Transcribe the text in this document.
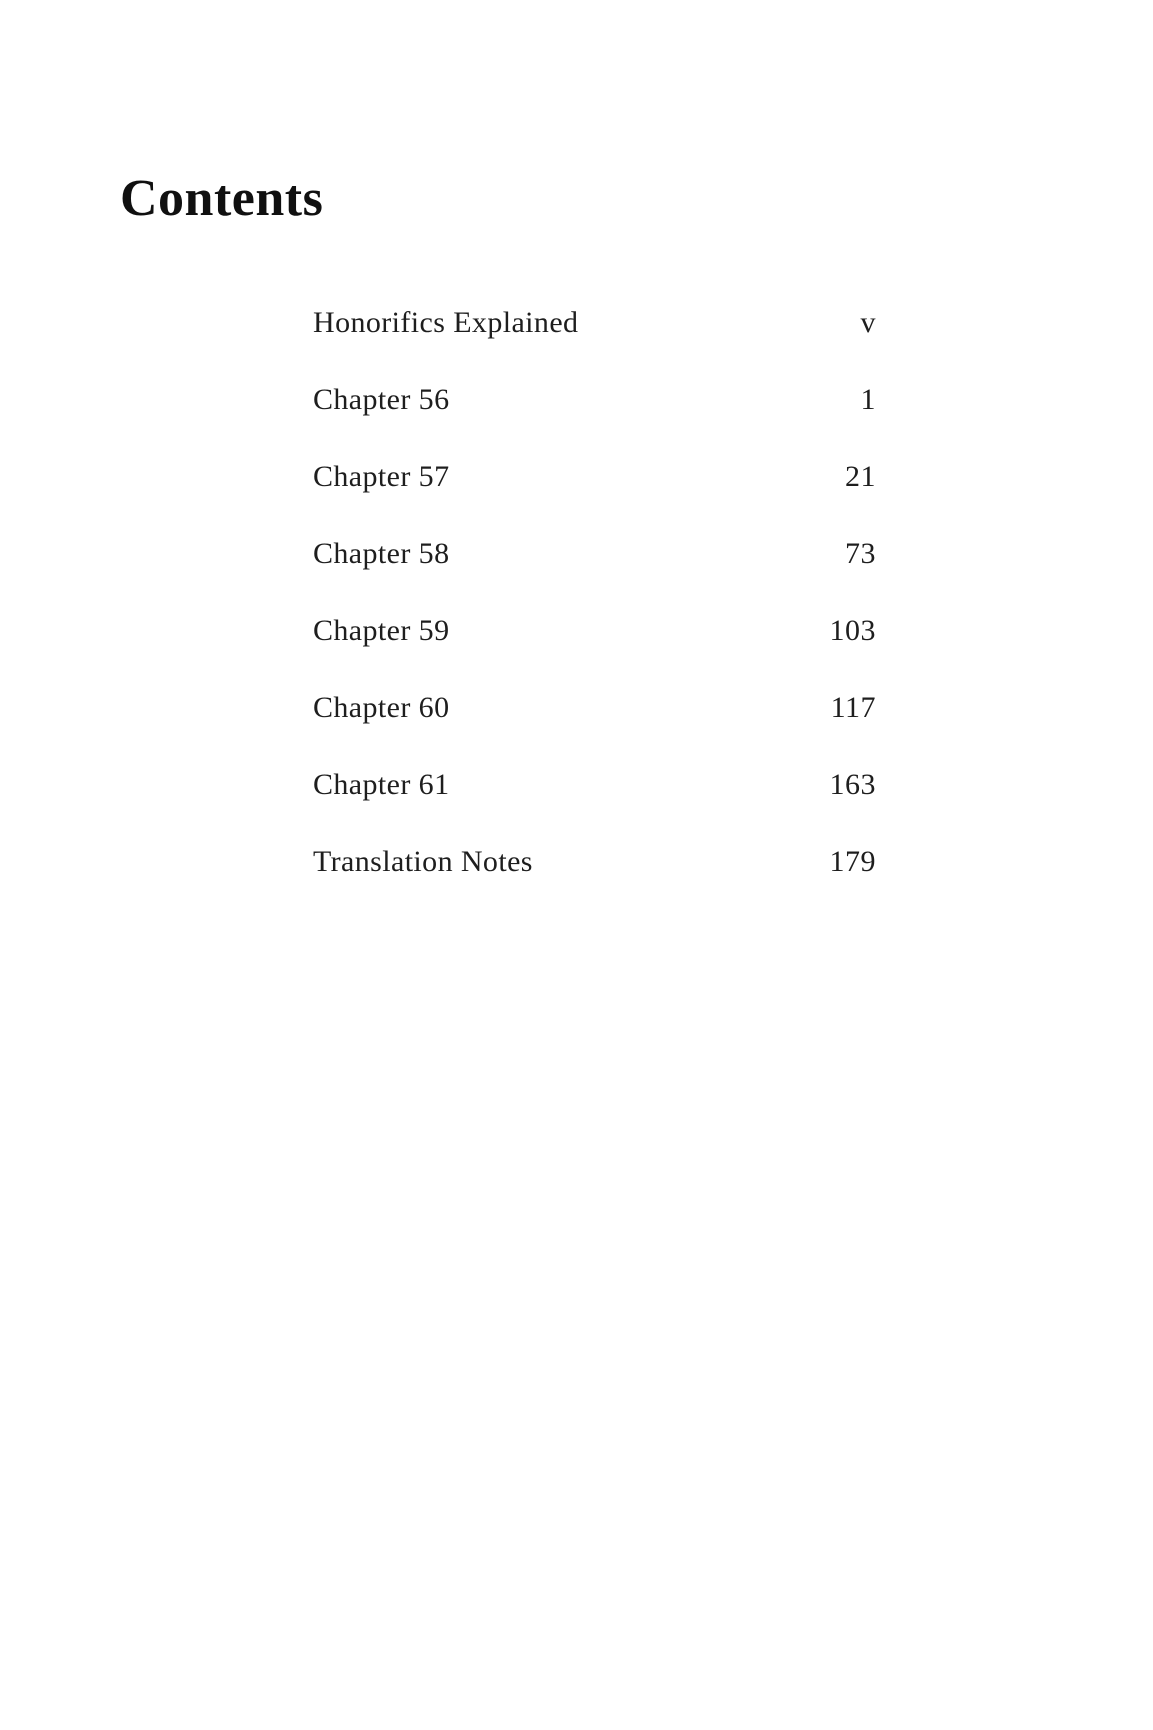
Contents
Honorifics Explained	v
Chapter 56	1
Chapter 57	21
Chapter 58	73
Chapter 59	103
Chapter 60	117
Chapter 61	163
Translation Notes	179
